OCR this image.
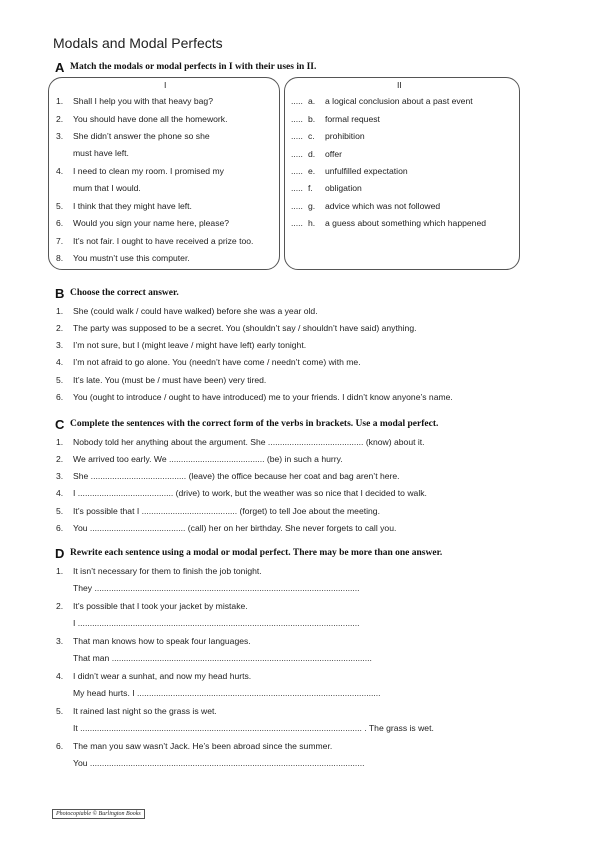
Modals and Modal Perfects
A Match the modals or modal perfects in I with their uses in II.
I	II
1. Shall I help you with that heavy bag?
2. You should have done all the homework.
3. She didn’t answer the phone so she
must have left.
4. I need to clean my room. I promised my
mum that I would.
5. I think that they might have left.
6. Would you sign your name here, please?
7. It’s not fair. I ought to have received a prize too.
8. You mustn’t use this computer.
..... a. a logical conclusion about a past event
..... b. formal request
..... c. prohibition
..... d. offer
..... e. unfulfilled expectation
..... f. obligation
..... g. advice which was not followed
..... h. a guess about something which happened
B Choose the correct answer.
1. She (could walk / could have walked) before she was a year old.
2. The party was supposed to be a secret. You (shouldn’t say / shouldn’t have said) anything.
3. I’m not sure, but I (might leave / might have left) early tonight.
4. I’m not afraid to go alone. You (needn’t have come / needn’t come) with me.
5. It’s late. You (must be / must have been) very tired.
6. You (ought to introduce / ought to have introduced) me to your friends. I didn’t know anyone’s name.
C Complete the sentences with the correct form of the verbs in brackets. Use a modal perfect.
1. Nobody told her anything about the argument. She ........................................ (know) about it.
2. We arrived too early. We ........................................ (be) in such a hurry.
3. She ........................................ (leave) the office because her coat and bag aren’t here.
4. I ........................................ (drive) to work, but the weather was so nice that I decided to walk.
5. It’s possible that I ........................................ (forget) to tell Joe about the meeting.
6. You ........................................ (call) her on her birthday. She never forgets to call you.
D Rewrite each sentence using a modal or modal perfect. There may be more than one answer.
1. It isn’t necessary for them to finish the job tonight.
They ...............................................................................................................
2. It’s possible that I took your jacket by mistake.
I ......................................................................................................................
3. That man knows how to speak four languages.
That man .............................................................................................................
4. I didn’t wear a sunhat, and now my head hurts.
My head hurts. I ......................................................................................................
5. It rained last night so the grass is wet.
It ...................................................................................................................... . The grass is wet.
6. The man you saw wasn’t Jack. He’s been abroad since the summer.
You ...................................................................................................................
Photocopiable © Burlington Books
